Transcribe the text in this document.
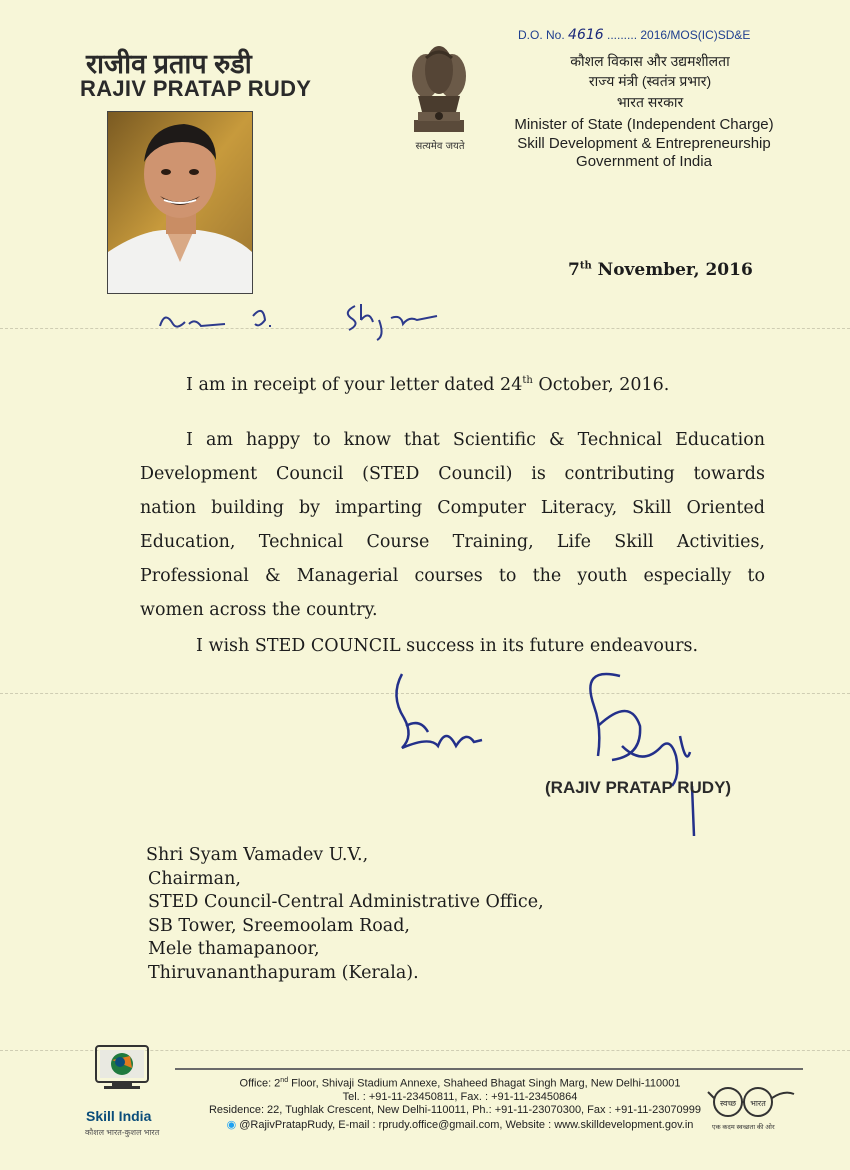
राजीव प्रताप रुडी
RAJIV PRATAP RUDY
सत्यमेव जयते
D.O. No. 4616 ......... 2016/MOS(IC)SD&E
कौशल विकास और उद्यमशीलता
राज्य मंत्री (स्वतंत्र प्रभार)
भारत सरकार
Minister of State (Independent Charge)
Skill Development & Entrepreneurship
Government of India
7th November, 2016
I am in receipt of your letter dated 24th October, 2016.
I am happy to know that Scientific & Technical Education
Development Council (STED Council) is contributing towards
nation building by imparting Computer Literacy, Skill Oriented
Education, Technical Course Training, Life Skill Activities,
Professional & Managerial courses to the youth especially to
women across the country.
I wish STED COUNCIL success in its future endeavours.
(RAJIV PRATAP RUDY)
Shri Syam Vamadev U.V.,
Chairman,
STED Council-Central Administrative Office,
SB Tower, Sreemoolam Road,
Mele thamapanoor,
Thiruvananthapuram (Kerala).
Skill India
कौशल भारत-कुशल भारत
Office: 2nd Floor, Shivaji Stadium Annexe, Shaheed Bhagat Singh Marg, New Delhi-110001
Tel. : +91-11-23450811, Fax. : +91-11-23450864
Residence: 22, Tughlak Crescent, New Delhi-110011, Ph.: +91-11-23070300, Fax : +91-11-23070999
◉ @RajivPratapRudy, E-mail : rprudy.office@gmail.com, Website : www.skilldevelopment.gov.in
स्वच्छ भारत
एक कदम स्वच्छता की ओर
